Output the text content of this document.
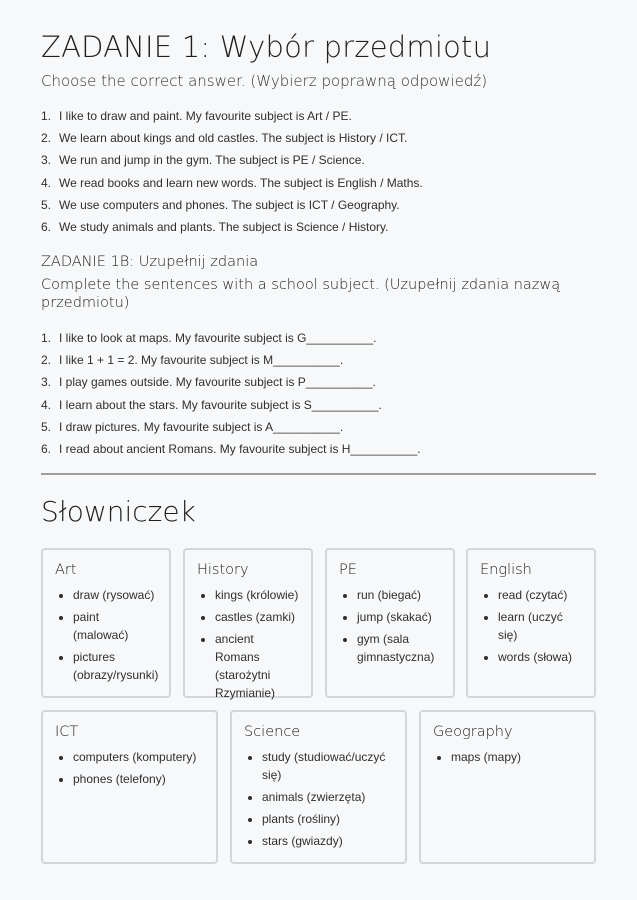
ZADANIE 1: Wybór przedmiotu
Choose the correct answer. (Wybierz poprawną odpowiedź)
1. I like to draw and paint. My favourite subject is Art / PE.
2. We learn about kings and old castles. The subject is History / ICT.
3. We run and jump in the gym. The subject is PE / Science.
4. We read books and learn new words. The subject is English / Maths.
5. We use computers and phones. The subject is ICT / Geography.
6. We study animals and plants. The subject is Science / History.
ZADANIE 1B: Uzupełnij zdania
Complete the sentences with a school subject. (Uzupełnij zdania nazwą przedmiotu)
1. I like to look at maps. My favourite subject is G__________.
2. I like 1 + 1 = 2. My favourite subject is M__________.
3. I play games outside. My favourite subject is P__________.
4. I learn about the stars. My favourite subject is S__________.
5. I draw pictures. My favourite subject is A__________.
6. I read about ancient Romans. My favourite subject is H__________.
Słowniczek
Art
• draw (rysować)
• paint (malować)
• pictures (obrazy/rysunki)
History
• kings (królowie)
• castles (zamki)
• ancient Romans (starożytni Rzymianie)
PE
• run (biegać)
• jump (skakać)
• gym (sala gimnastyczna)
English
• read (czytać)
• learn (uczyć się)
• words (słowa)
ICT
• computers (komputery)
• phones (telefony)
Science
• study (studiować/uczyć się)
• animals (zwierzęta)
• plants (rośliny)
• stars (gwiazdy)
Geography
• maps (mapy)
